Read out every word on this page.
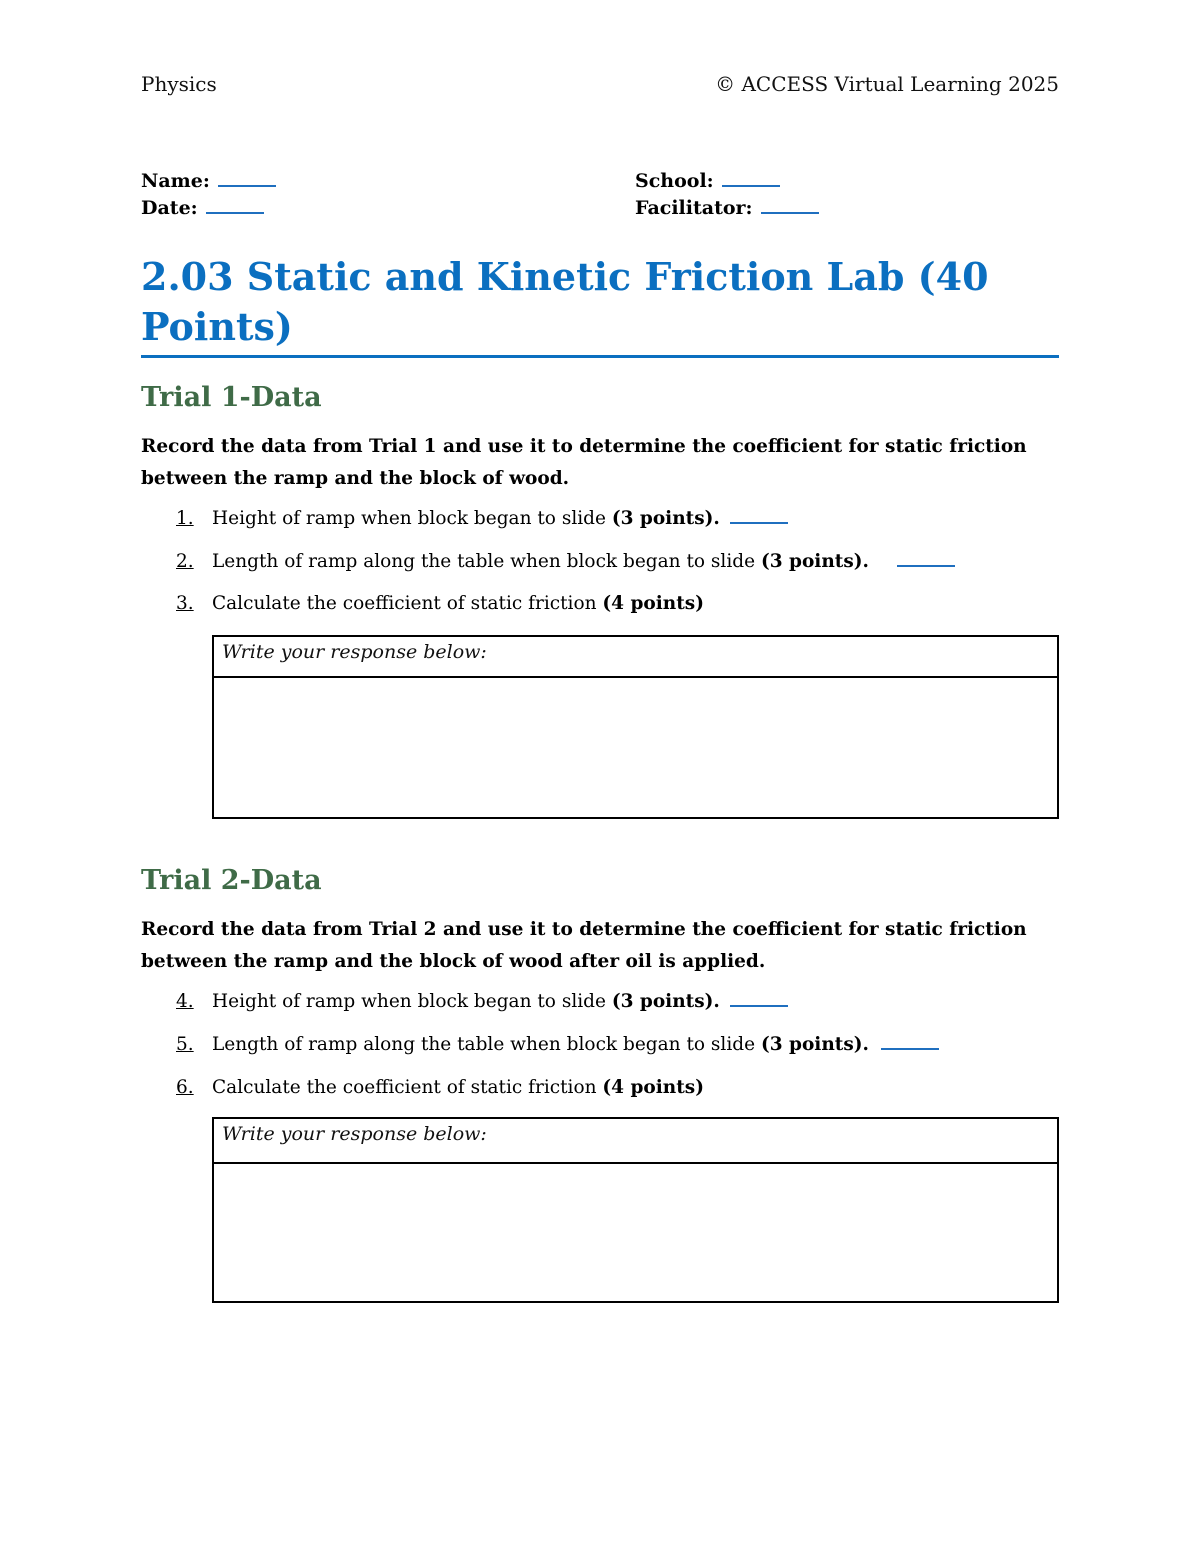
Physics	© ACCESS Virtual Learning 2025
Name:
Date:
School:
Facilitator:
2.03 Static and Kinetic Friction Lab (40 Points)
Trial 1-Data
Record the data from Trial 1 and use it to determine the coefficient for static friction between the ramp and the block of wood.
1. Height of ramp when block began to slide (3 points).
2. Length of ramp along the table when block began to slide (3 points).
3. Calculate the coefficient of static friction (4 points)
Write your response below:
Trial 2-Data
Record the data from Trial 2 and use it to determine the coefficient for static friction between the ramp and the block of wood after oil is applied.
4. Height of ramp when block began to slide (3 points).
5. Length of ramp along the table when block began to slide (3 points).
6. Calculate the coefficient of static friction (4 points)
Write your response below:
